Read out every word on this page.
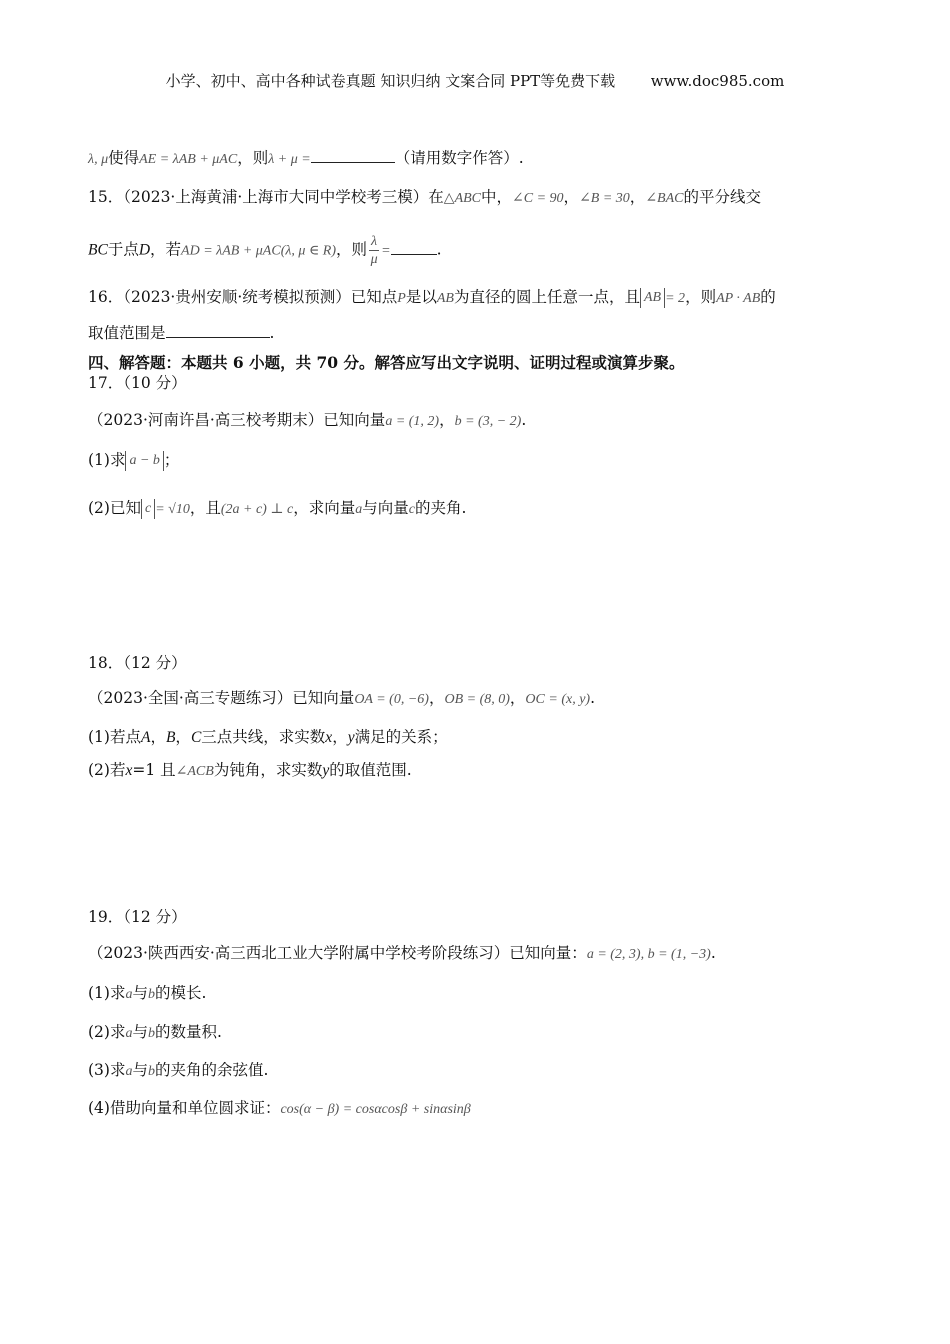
小学、初中、高中各种试卷真题 知识归纳 文案合同 PPT等免费下载 www.doc985.com
λ, μ使得AE = λAB + μAC，则λ + μ =	（请用数字作答）.
15．（2023·上海黄浦·上海市大同中学校考三模）在△ABC中，∠C = 90，∠B = 30，∠BAC的平分线交
BC于点D，若AD = λAB + μAC(λ, μ ∈ R)，则 $\frac{\lambda}{\mu}$ =	.
16．（2023·贵州安顺·统考模拟预测）已知点P是以AB为直径的圆上任意一点，且 AB = 2，则AP · AB的
取值范围是	.
四、解答题：本题共 6 小题，共 70 分。解答应写出文字说明、证明过程或演算步聚。
17．（10 分）
（2023·河南许昌·高三校考期末）已知向量a = (1, 2)，b = (3, − 2).
(1)求 a − b ；
(2)已知 c = √10，且(2a + c) ⊥ c，求向量a与向量c的夹角.
18．（12 分）
（2023·全国·高三专题练习）已知向量OA = (0, −6)，OB = (8, 0)，OC = (x, y).
(1)若点A，B，C三点共线，求实数x，y满足的关系；
(2)若x=1 且∠ACB为钝角，求实数y的取值范围.
19．（12 分）
（2023·陕西西安·高三西北工业大学附属中学校考阶段练习）已知向量：a = (2, 3), b = (1, −3).
(1)求a与b的模长.
(2)求a与b的数量积.
(3)求a与b的夹角的余弦值.
(4)借助向量和单位圆求证：cos(α − β) = cosαcosβ + sinαsinβ
